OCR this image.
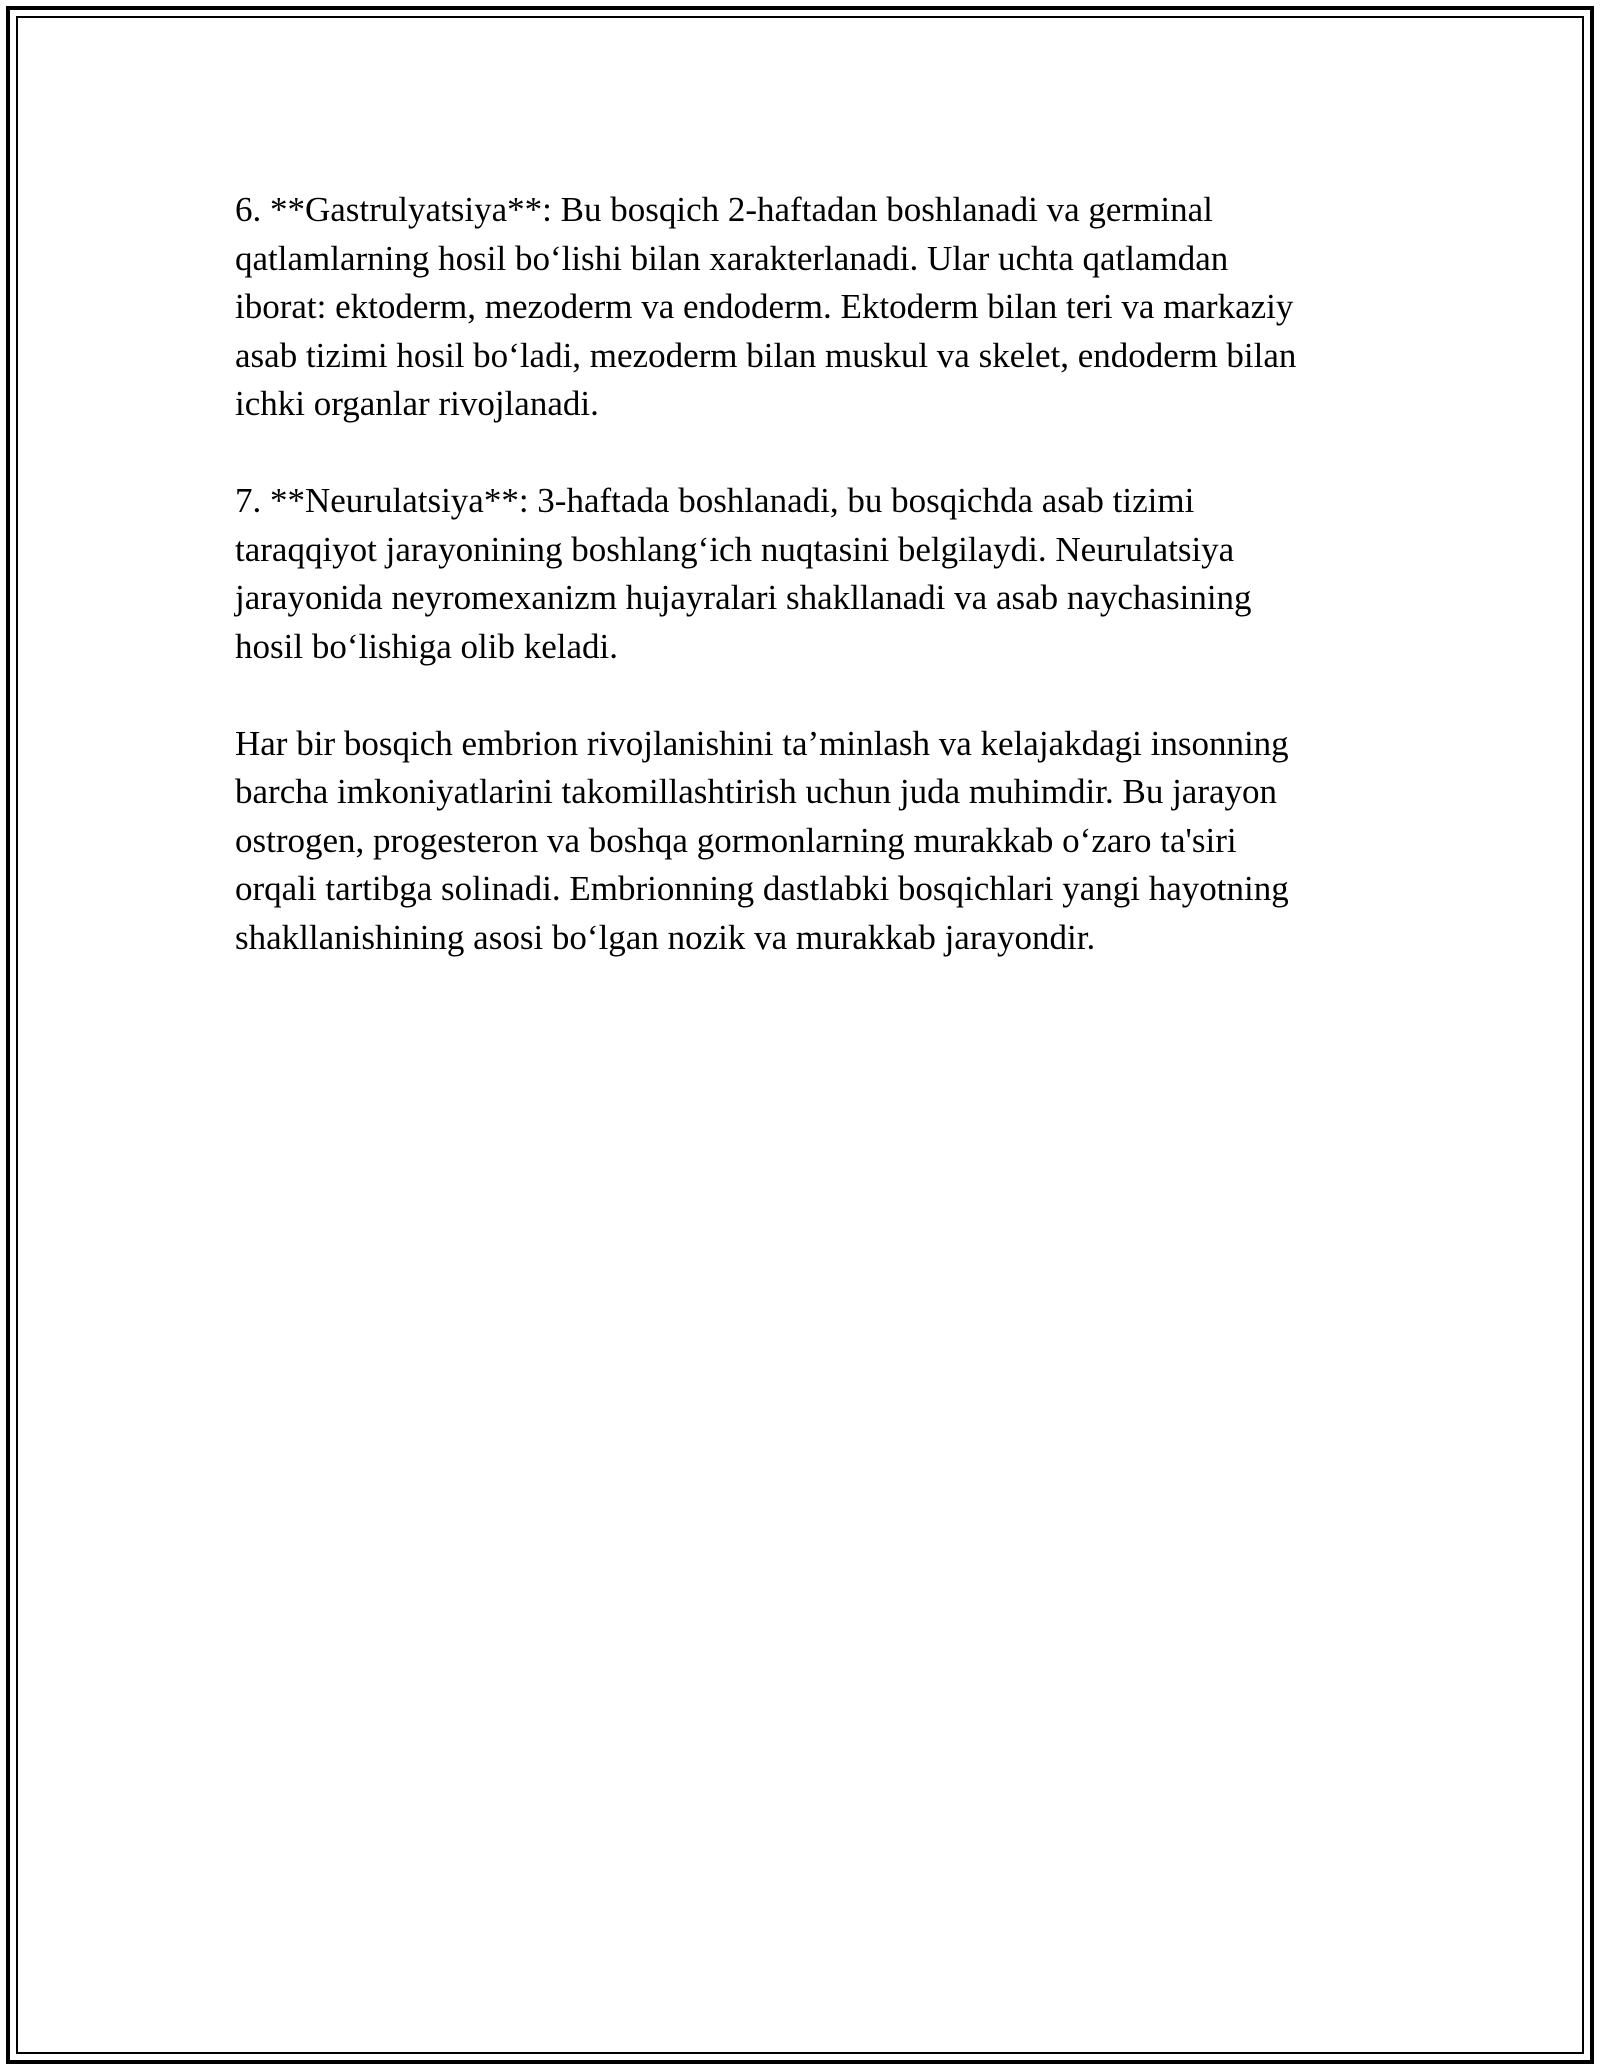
6. **Gastrulyatsiya**: Bu bosqich 2-haftadan boshlanadi va germinal
qatlamlarning hosil bo‘lishi bilan xarakterlanadi. Ular uchta qatlamdan
iborat: ektoderm, mezoderm va endoderm. Ektoderm bilan teri va markaziy
asab tizimi hosil bo‘ladi, mezoderm bilan muskul va skelet, endoderm bilan
ichki organlar rivojlanadi.

7. **Neurulatsiya**: 3-haftada boshlanadi, bu bosqichda asab tizimi
taraqqiyot jarayonining boshlang‘ich nuqtasini belgilaydi. Neurulatsiya
jarayonida neyromexanizm hujayralari shakllanadi va asab naychasining
hosil bo‘lishiga olib keladi.

Har bir bosqich embrion rivojlanishini ta’minlash va kelajakdagi insonning
barcha imkoniyatlarini takomillashtirish uchun juda muhimdir. Bu jarayon
ostrogen, progesteron va boshqa gormonlarning murakkab o‘zaro ta'siri
orqali tartibga solinadi. Embrionning dastlabki bosqichlari yangi hayotning
shakllanishining asosi bo‘lgan nozik va murakkab jarayondir.
